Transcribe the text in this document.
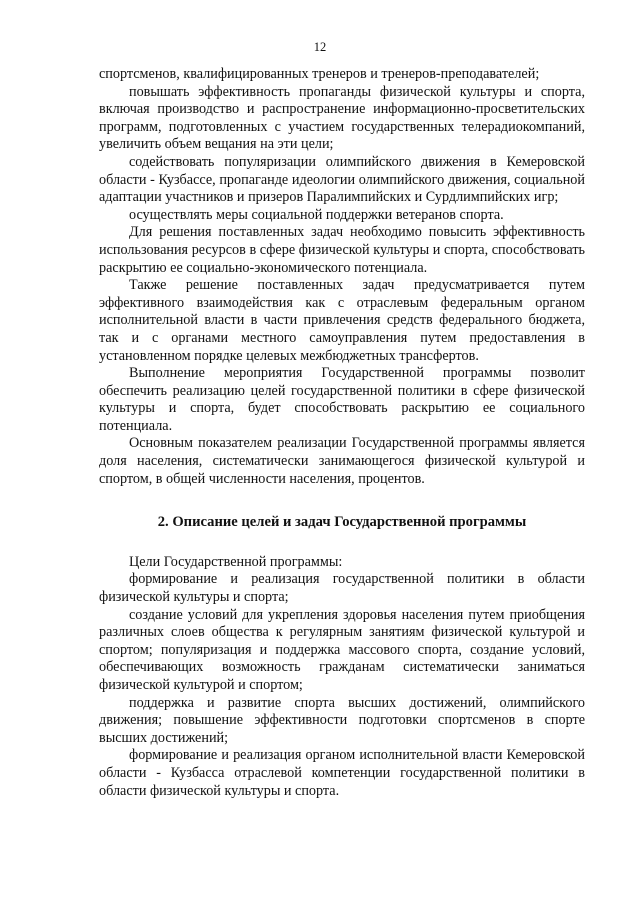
12

спортсменов, квалифицированных тренеров и тренеров-преподавателей;

повышать эффективность пропаганды физической культуры и спорта, включая производство и распространение информационно-просветительских программ, подготовленных с участием государственных телерадиокомпаний, увеличить объем вещания на эти цели;

содействовать популяризации олимпийского движения в Кемеровской области - Кузбассе, пропаганде идеологии олимпийского движения, социальной адаптации участников и призеров Паралимпийских и Сурдлимпийских игр;

осуществлять меры социальной поддержки ветеранов спорта.

Для решения поставленных задач необходимо повысить эффективность использования ресурсов в сфере физической культуры и спорта, способствовать раскрытию ее социально-экономического потенциала.

Также решение поставленных задач предусматривается путем эффективного взаимодействия как с отраслевым федеральным органом исполнительной власти в части привлечения средств федерального бюджета, так и с органами местного самоуправления путем предоставления в установленном порядке целевых межбюджетных трансфертов.

Выполнение мероприятия Государственной программы позволит обеспечить реализацию целей государственной политики в сфере физической культуры и спорта, будет способствовать раскрытию ее социального потенциала.

Основным показателем реализации Государственной программы является доля населения, систематически занимающегося физической культурой и спортом, в общей численности населения, процентов.

2. Описание целей и задач Государственной программы

Цели Государственной программы:

формирование и реализация государственной политики в области физической культуры и спорта;

создание условий для укрепления здоровья населения путем приобщения различных слоев общества к регулярным занятиям физической культурой и спортом; популяризация и поддержка массового спорта, создание условий, обеспечивающих возможность гражданам систематически заниматься физической культурой и спортом;

поддержка и развитие спорта высших достижений, олимпийского движения; повышение эффективности подготовки спортсменов в спорте высших достижений;

формирование и реализация органом исполнительной власти Кемеровской области - Кузбасса отраслевой компетенции государственной политики в области физической культуры и спорта.
